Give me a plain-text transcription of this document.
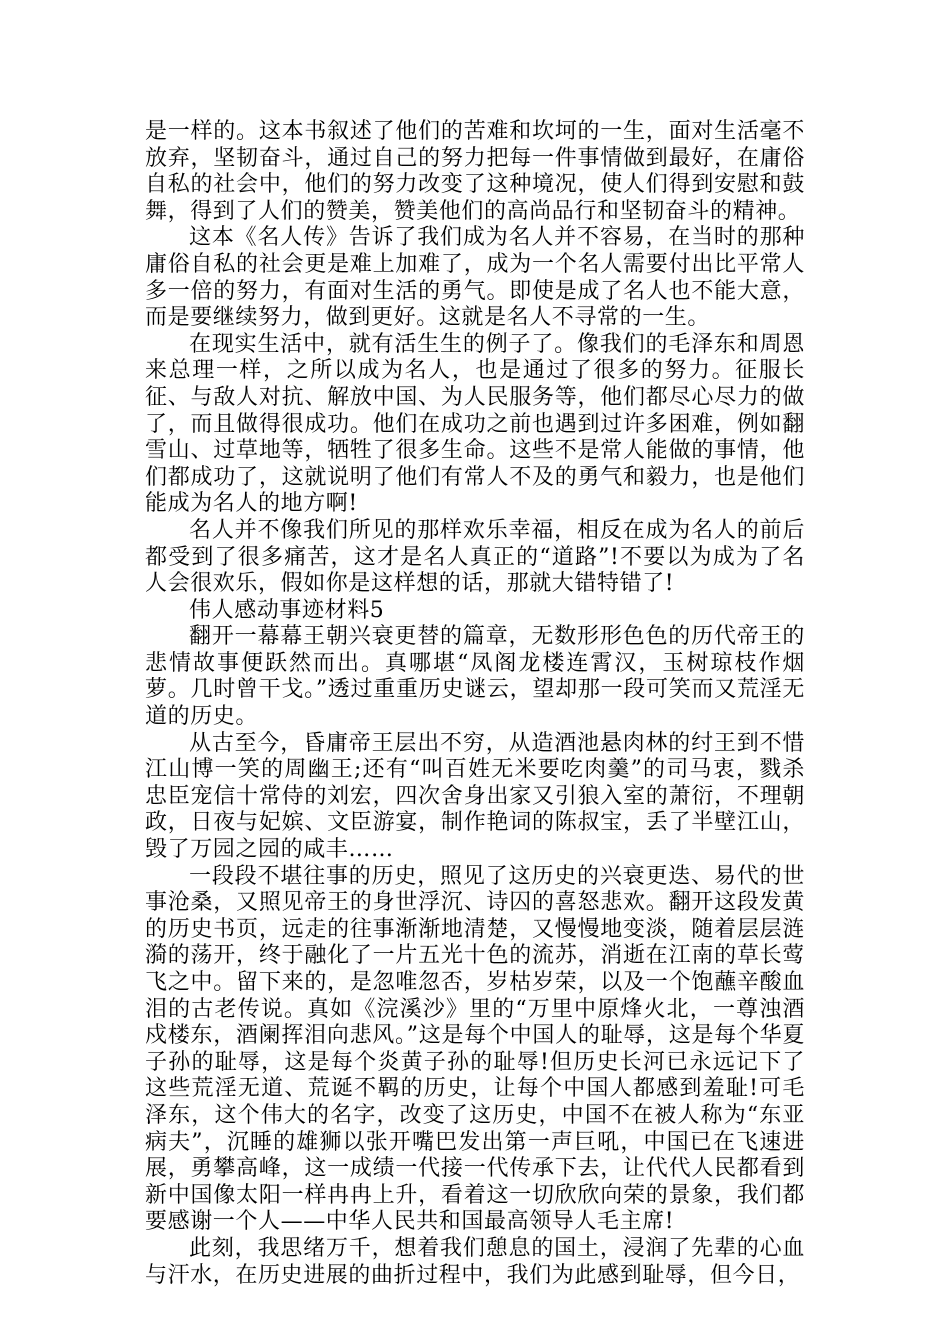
是一样的。这本书叙述了他们的苦难和坎坷的一生，面对生活毫不放弃，坚韧奋斗，通过自己的努力把每一件事情做到最好，在庸俗自私的社会中，他们的努力改变了这种境况，使人们得到安慰和鼓舞，得到了人们的赞美，赞美他们的高尚品行和坚韧奋斗的精神。

这本《名人传》告诉了我们成为名人并不容易，在当时的那种庸俗自私的社会更是难上加难了，成为一个名人需要付出比平常人多一倍的努力，有面对生活的勇气。即使是成了名人也不能大意，而是要继续努力，做到更好。这就是名人不寻常的一生。

在现实生活中，就有活生生的例子了。像我们的毛泽东和周恩来总理一样，之所以成为名人，也是通过了很多的努力。征服长征、与敌人对抗、解放中国、为人民服务等，他们都尽心尽力的做了，而且做得很成功。他们在成功之前也遇到过许多困难，例如翻雪山、过草地等，牺牲了很多生命。这些不是常人能做的事情，他们都成功了，这就说明了他们有常人不及的勇气和毅力，也是他们能成为名人的地方啊!

名人并不像我们所见的那样欢乐幸福，相反在成为名人的前后都受到了很多痛苦，这才是名人真正的“道路”!不要以为成为了名人会很欢乐，假如你是这样想的话，那就大错特错了!

伟人感动事迹材料5

翻开一幕幕王朝兴衰更替的篇章，无数形形色色的历代帝王的悲情故事便跃然而出。真哪堪“凤阁龙楼连霄汉，玉树琼枝作烟萝。几时曾干戈。”透过重重历史谜云，望却那一段可笑而又荒淫无道的历史。

从古至今，昏庸帝王层出不穷，从造酒池悬肉林的纣王到不惜江山博一笑的周幽王;还有“叫百姓无米要吃肉羹”的司马衷，戮杀忠臣宠信十常侍的刘宏，四次舍身出家又引狼入室的萧衍，不理朝政，日夜与妃嫔、文臣游宴，制作艳词的陈叔宝，丢了半壁江山，毁了万园之园的咸丰……

一段段不堪往事的历史，照见了这历史的兴衰更迭、易代的世事沧桑，又照见帝王的身世浮沉、诗囚的喜怒悲欢。翻开这段发黄的历史书页，远走的往事渐渐地清楚，又慢慢地变淡，随着层层涟漪的荡开，终于融化了一片五光十色的流苏，消逝在江南的草长莺飞之中。留下来的，是忽唯忽否，岁枯岁荣，以及一个饱蘸辛酸血泪的古老传说。真如《浣溪沙》里的“万里中原烽火北，一尊浊酒戍楼东，酒阑挥泪向悲风。”这是每个中国人的耻辱，这是每个华夏子孙的耻辱，这是每个炎黄子孙的耻辱!但历史长河已永远记下了这些荒淫无道、荒诞不羁的历史，让每个中国人都感到羞耻!可毛泽东，这个伟大的名字，改变了这历史，中国不在被人称为“东亚病夫”，沉睡的雄狮以张开嘴巴发出第一声巨吼，中国已在飞速进展，勇攀高峰，这一成绩一代接一代传承下去，让代代人民都看到新中国像太阳一样冉冉上升，看着这一切欣欣向荣的景象，我们都要感谢一个人——中华人民共和国最高领导人毛主席!

此刻，我思绪万千，想着我们憩息的国土，浸润了先辈的心血与汗水，在历史进展的曲折过程中，我们为此感到耻辱，但今日，
